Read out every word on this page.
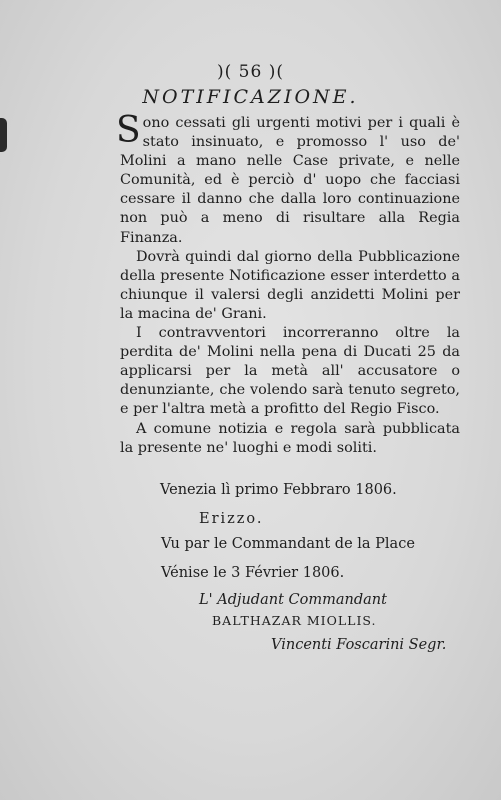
)( 56 )(
NOTIFICAZIONE.

Sono cessati gli urgenti motivi per i quali è stato insinuato, e promosso l' uso de' Molini a mano nelle Case private, e nelle Comunità, ed è perciò d' uopo che facciasi cessare il danno che dalla loro continuazione non può a meno di risultare alla Regia Finanza.

Dovrà quindi dal giorno della Pubblicazione della presente Notificazione esser interdetto a chiunque il valersi degli anzidetti Molini per la macina de' Grani.

I contravventori incorreranno oltre la perdita de' Molini nella pena di Ducati 25 da applicarsi per la metà all' accusatore o denunziante, che volendo sarà tenuto segreto, e per l'altra metà a profitto del Regio Fisco.

A comune notizia e regola sarà pubblicata la presente ne' luoghi e modi soliti.

Venezia lì primo Febbraro 1806.
Erizzo.
Vu par le Commandant de la Place
Vénise le 3 Février 1806.
L' Adjudant Commandant
BALTHAZAR MIOLLIS.
Vincenti Foscarini Segr.
